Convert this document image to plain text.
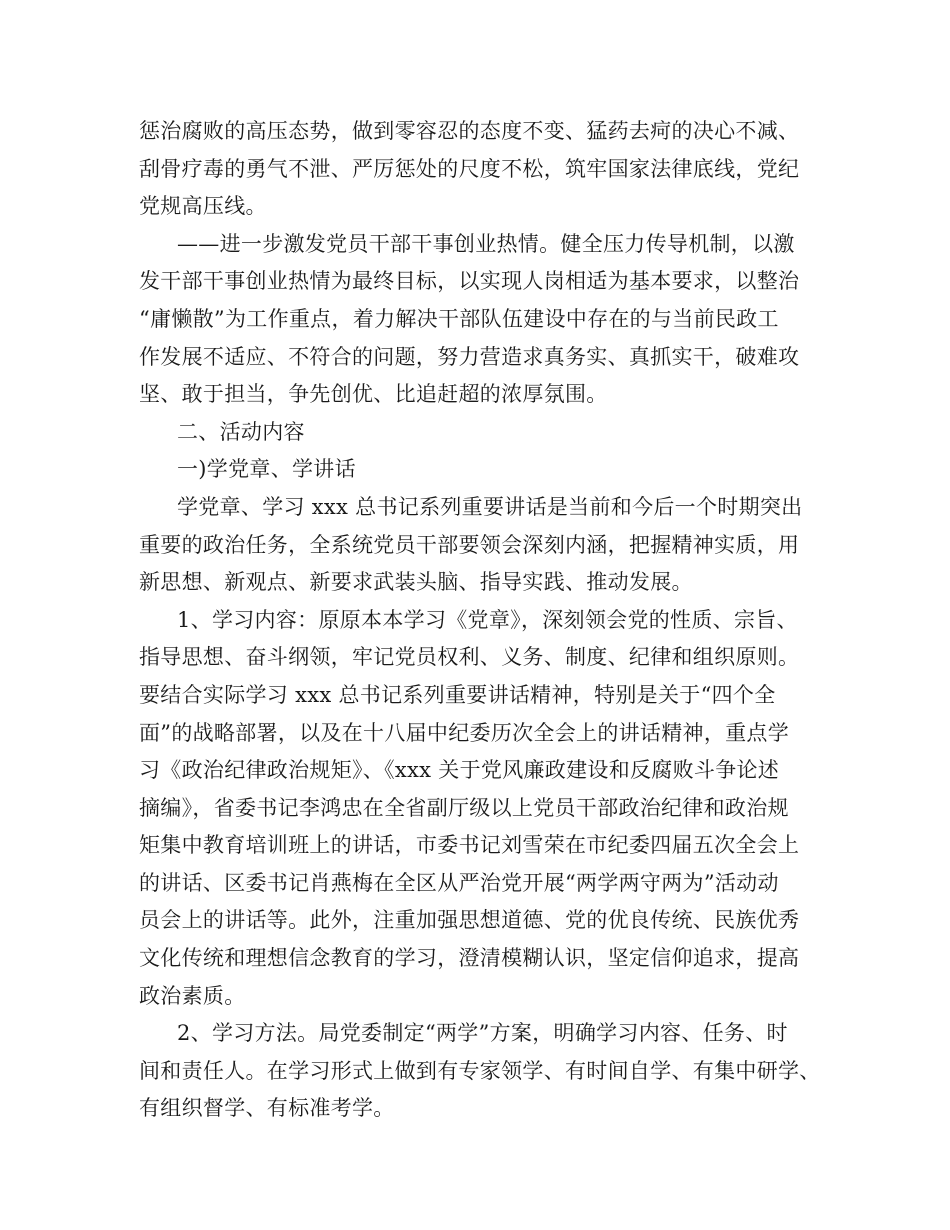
惩治腐败的高压态势，做到零容忍的态度不变、猛药去疴的决心不减、
刮骨疗毒的勇气不泄、严厉惩处的尺度不松，筑牢国家法律底线，党纪
党规高压线。
——进一步激发党员干部干事创业热情。健全压力传导机制，以激
发干部干事创业热情为最终目标，以实现人岗相适为基本要求，以整治
“庸懒散”为工作重点，着力解决干部队伍建设中存在的与当前民政工
作发展不适应、不符合的问题，努力营造求真务实、真抓实干，破难攻
坚、敢于担当，争先创优、比追赶超的浓厚氛围。
二、活动内容
一)学党章、学讲话
学党章、学习 xxx 总书记系列重要讲话是当前和今后一个时期突出
重要的政治任务，全系统党员干部要领会深刻内涵，把握精神实质，用
新思想、新观点、新要求武装头脑、指导实践、推动发展。
1、学习内容：原原本本学习《党章》，深刻领会党的性质、宗旨、
指导思想、奋斗纲领，牢记党员权利、义务、制度、纪律和组织原则。
要结合实际学习 xxx 总书记系列重要讲话精神，特别是关于“四个全
面”的战略部署，以及在十八届中纪委历次全会上的讲话精神，重点学
习《政治纪律政治规矩》、《xxx 关于党风廉政建设和反腐败斗争论述
摘编》，省委书记李鸿忠在全省副厅级以上党员干部政治纪律和政治规
矩集中教育培训班上的讲话，市委书记刘雪荣在市纪委四届五次全会上
的讲话、区委书记肖燕梅在全区从严治党开展“两学两守两为”活动动
员会上的讲话等。此外，注重加强思想道德、党的优良传统、民族优秀
文化传统和理想信念教育的学习，澄清模糊认识，坚定信仰追求，提高
政治素质。
2、学习方法。局党委制定“两学”方案，明确学习内容、任务、时
间和责任人。在学习形式上做到有专家领学、有时间自学、有集中研学、
有组织督学、有标准考学。
